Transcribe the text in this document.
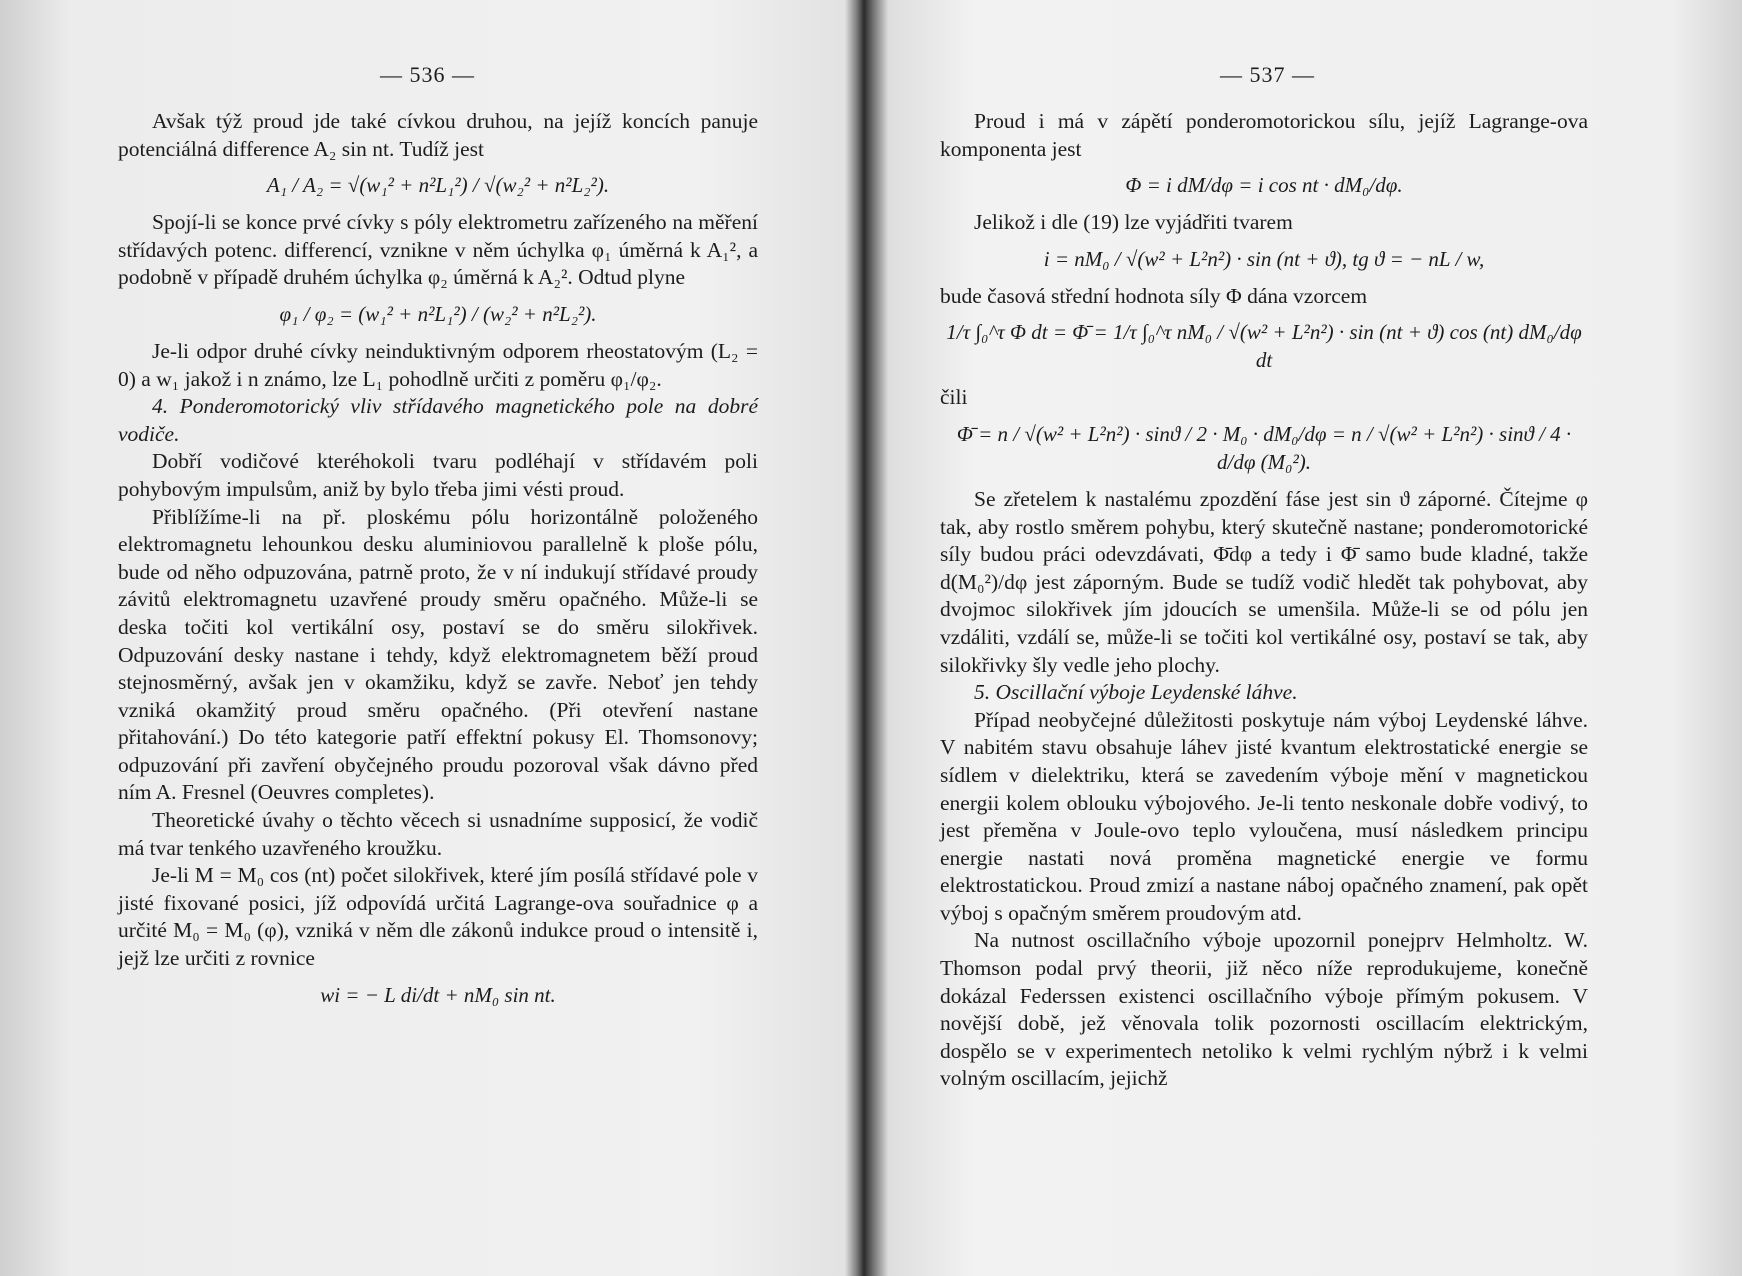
— 536 —

Avšak týž proud jde také cívkou druhou, na jejíž koncích panuje potenciálná difference A₂ sin nt. Tudíž jest

A₁ / A₂ = √(w₁² + n²L₁²) / √(w₂² + n²L₂²).

Spojí-li se konce prvé cívky s póly elektrometru zařízeného na měření střídavých potenc. differencí, vznikne v něm úchylka φ₁ úměrná k A₁², a podobně v případě druhém úchylka φ₂ úměrná k A₂². Odtud plyne

φ₁ / φ₂ = (w₁² + n²L₁²) / (w₂² + n²L₂²).

Je-li odpor druhé cívky neinduktivným odporem rheostatovým (L₂ = 0) a w₁ jakož i n známo, lze L₁ pohodlně určiti z poměru φ₁/φ₂.

4. Ponderomotorický vliv střídavého magnetického pole na dobré vodiče.

Dobří vodičové kteréhokoli tvaru podléhají v střídavém poli pohybovým impulsům, aniž by bylo třeba jimi vésti proud.

Přiblížíme-li na př. ploskému pólu horizontálně položeného elektromagnetu lehounkou desku aluminiovou parallelně k ploše pólu, bude od něho odpuzována, patrně proto, že v ní indukují střídavé proudy závitů elektromagnetu uzavřené proudy směru opačného. Může-li se deska točiti kol vertikální osy, postaví se do směru silokřivek. Odpuzování desky nastane i tehdy, když elektromagnetem běží proud stejnosměrný, avšak jen v okamžiku, když se zavře. Neboť jen tehdy vzniká okamžitý proud směru opačného. (Při otevření nastane přitahování.) Do této kategorie patří effektní pokusy El. Thomsonovy; odpuzování při zavření obyčejného proudu pozoroval však dávno před ním A. Fresnel (Oeuvres completes).

Theoretické úvahy o těchto věcech si usnadníme supposicí, že vodič má tvar tenkého uzavřeného kroužku.

Je-li M = M₀ cos (nt) počet silokřivek, které jím posílá střídavé pole v jisté fixované posici, jíž odpovídá určitá Lagrange-ova souřadnice φ a určité M₀ = M₀ (φ), vzniká v něm dle zákonů indukce proud o intensitě i, jejž lze určiti z rovnice

wi = − L di/dt + nM₀ sin nt.
— 537 —

Proud i má v zápětí ponderomotorickou sílu, jejíž Lagrange-ova komponenta jest

Φ = i dM/dφ = i cos nt · dM₀/dφ.

Jelikož i dle (19) lze vyjádřiti tvarem

i = nM₀ / √(w² + L²n²) · sin (nt + ϑ), tg ϑ = − nL / w,

bude časová střední hodnota síly Φ dána vzorcem

1/τ ∫₀^τ Φ dt = Φ̄ = 1/τ ∫₀^τ nM₀ / √(w² + L²n²) · sin (nt + ϑ) cos (nt) dM₀/dφ dt

čili

Φ̄ = n / √(w² + L²n²) · sinϑ / 2 · M₀ · dM₀/dφ = n / √(w² + L²n²) · sinϑ / 4 · d/dφ (M₀²).

Se zřetelem k nastalému zpozdění fáse jest sin ϑ záporné. Čítejme φ tak, aby rostlo směrem pohybu, který skutečně nastane; ponderomotorické síly budou práci odevzdávati, Φ̄dφ a tedy i Φ̄ samo bude kladné, takže d(M₀²)/dφ jest záporným. Bude se tudíž vodič hledět tak pohybovat, aby dvojmoc silokřivek jím jdoucích se umenšila. Může-li se od pólu jen vzdáliti, vzdálí se, může-li se točiti kol vertikálné osy, postaví se tak, aby silokřivky šly vedle jeho plochy.

5. Oscillační výboje Leydenské láhve.

Případ neobyčejné důležitosti poskytuje nám výboj Leydenské láhve. V nabitém stavu obsahuje láhev jisté kvantum elektrostatické energie se sídlem v dielektriku, která se zavedením výboje mění v magnetickou energii kolem oblouku výbojového. Je-li tento neskonale dobře vodivý, to jest přeměna v Joule-ovo teplo vyloučena, musí následkem principu energie nastati nová proměna magnetické energie ve formu elektrostatickou. Proud zmizí a nastane náboj opačného znamení, pak opět výboj s opačným směrem proudovým atd.

Na nutnost oscillačního výboje upozornil ponejprv Helmholtz. W. Thomson podal prvý theorii, již něco níže reprodukujeme, konečně dokázal Federssen existenci oscillačního výboje přímým pokusem. V novější době, jež věnovala tolik pozornosti oscillacím elektrickým, dospělo se v experimentech netoliko k velmi rychlým nýbrž i k velmi volným oscillacím, jejichž
